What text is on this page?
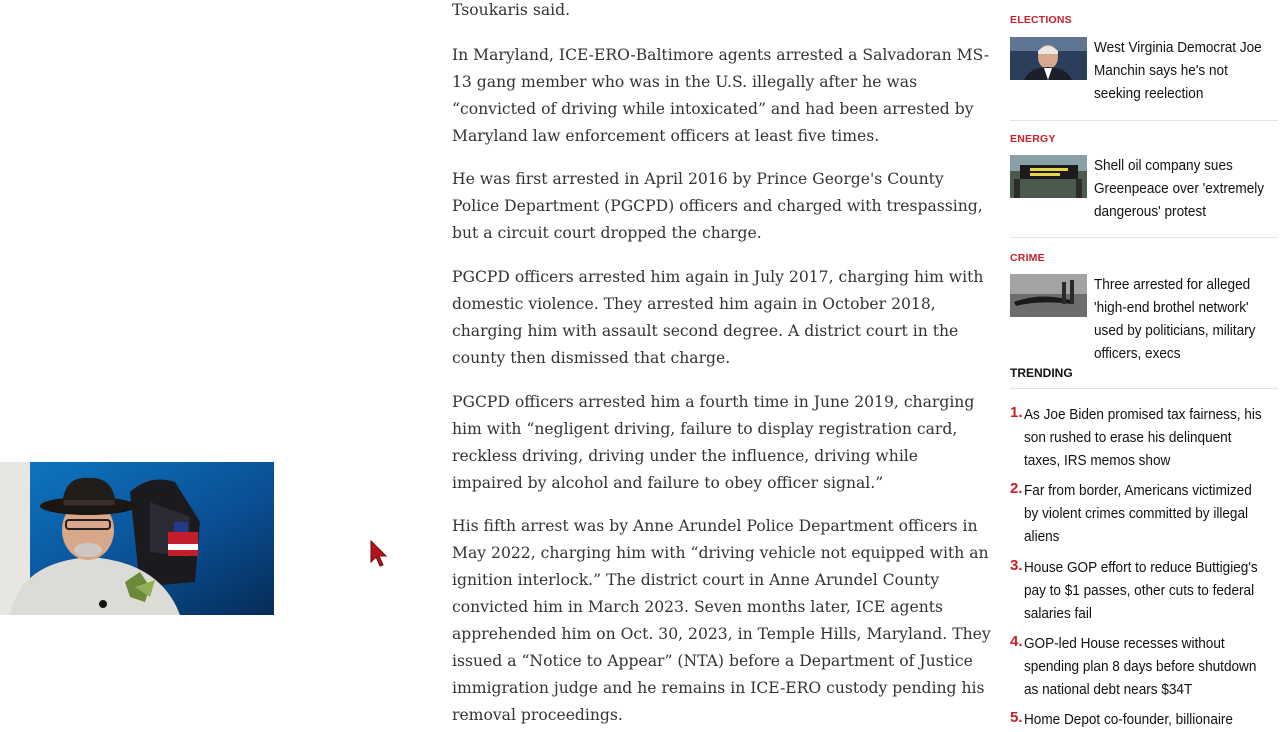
Tsoukaris said.

In Maryland, ICE-ERO-Baltimore agents arrested a Salvadoran MS-13 gang member who was in the U.S. illegally after he was “convicted of driving while intoxicated” and had been arrested by Maryland law enforcement officers at least five times.

He was first arrested in April 2016 by Prince George's County Police Department (PGCPD) officers and charged with trespassing, but a circuit court dropped the charge.

PGCPD officers arrested him again in July 2017, charging him with domestic violence. They arrested him again in October 2018, charging him with assault second degree. A district court in the county then dismissed that charge.

PGCPD officers arrested him a fourth time in June 2019, charging him with “negligent driving, failure to display registration card, reckless driving, driving under the influence, driving while impaired by alcohol and failure to obey officer signal.”

His fifth arrest was by Anne Arundel Police Department officers in May 2022, charging him with “driving vehicle not equipped with an ignition interlock.” The district court in Anne Arundel County convicted him in March 2023. Seven months later, ICE agents apprehended him on Oct. 30, 2023, in Temple Hills, Maryland. They issued a “Notice to Appear” (NTA) before a Department of Justice immigration judge and he remains in ICE-ERO custody pending his removal proceedings.

ELECTIONS
West Virginia Democrat Joe Manchin says he's not seeking reelection
ENERGY
Shell oil company sues Greenpeace over 'extremely dangerous' protest
CRIME
Three arrested for alleged 'high-end brothel network' used by politicians, military officers, execs
TRENDING
1. As Joe Biden promised tax fairness, his son rushed to erase his delinquent taxes, IRS memos show
2. Far from border, Americans victimized by violent crimes committed by illegal aliens
3. House GOP effort to reduce Buttigieg's pay to $1 passes, other cuts to federal salaries fail
4. GOP-led House recesses without spending plan 8 days before shutdown as national debt nears $34T
5. Home Depot co-founder, billionaire
